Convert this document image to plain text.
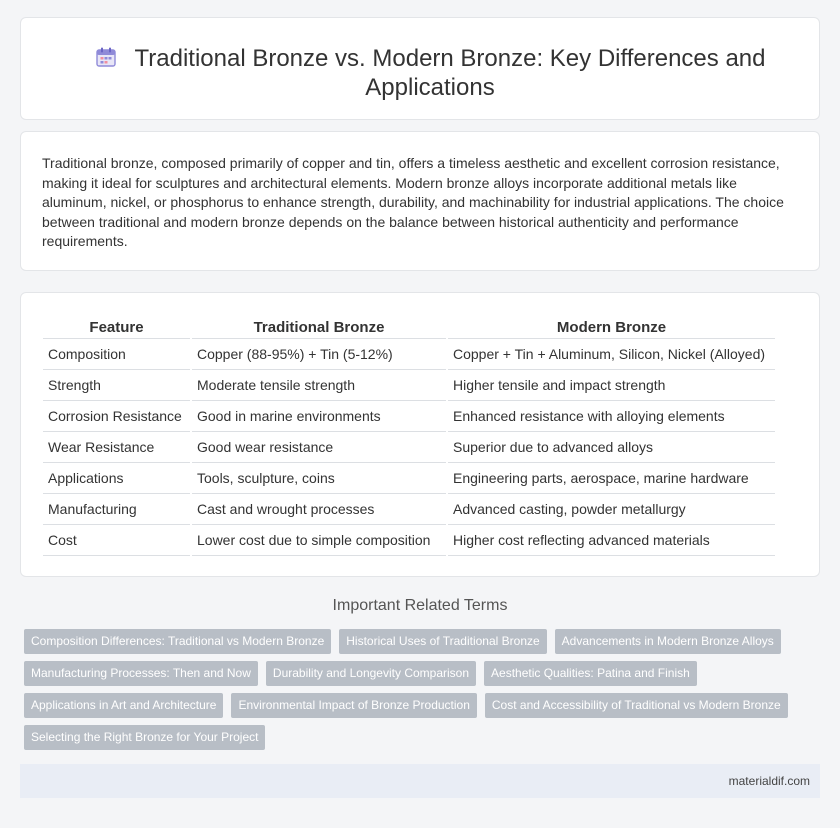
Traditional Bronze vs. Modern Bronze: Key Differences and Applications

Traditional bronze, composed primarily of copper and tin, offers a timeless aesthetic and excellent corrosion resistance, making it ideal for sculptures and architectural elements. Modern bronze alloys incorporate additional metals like aluminum, nickel, or phosphorus to enhance strength, durability, and machinability for industrial applications. The choice between traditional and modern bronze depends on the balance between historical authenticity and performance requirements.

Feature	Traditional Bronze	Modern Bronze
Composition	Copper (88-95%) + Tin (5-12%)	Copper + Tin + Aluminum, Silicon, Nickel (Alloyed)
Strength	Moderate tensile strength	Higher tensile and impact strength
Corrosion Resistance	Good in marine environments	Enhanced resistance with alloying elements
Wear Resistance	Good wear resistance	Superior due to advanced alloys
Applications	Tools, sculpture, coins	Engineering parts, aerospace, marine hardware
Manufacturing	Cast and wrought processes	Advanced casting, powder metallurgy
Cost	Lower cost due to simple composition	Higher cost reflecting advanced materials
Important Related Terms
Composition Differences: Traditional vs Modern Bronze	Historical Uses of Traditional Bronze	Advancements in Modern Bronze Alloys
Manufacturing Processes: Then and Now	Durability and Longevity Comparison	Aesthetic Qualities: Patina and Finish
Applications in Art and Architecture	Environmental Impact of Bronze Production	Cost and Accessibility of Traditional vs Modern Bronze
Selecting the Right Bronze for Your Project
materialdif.com
